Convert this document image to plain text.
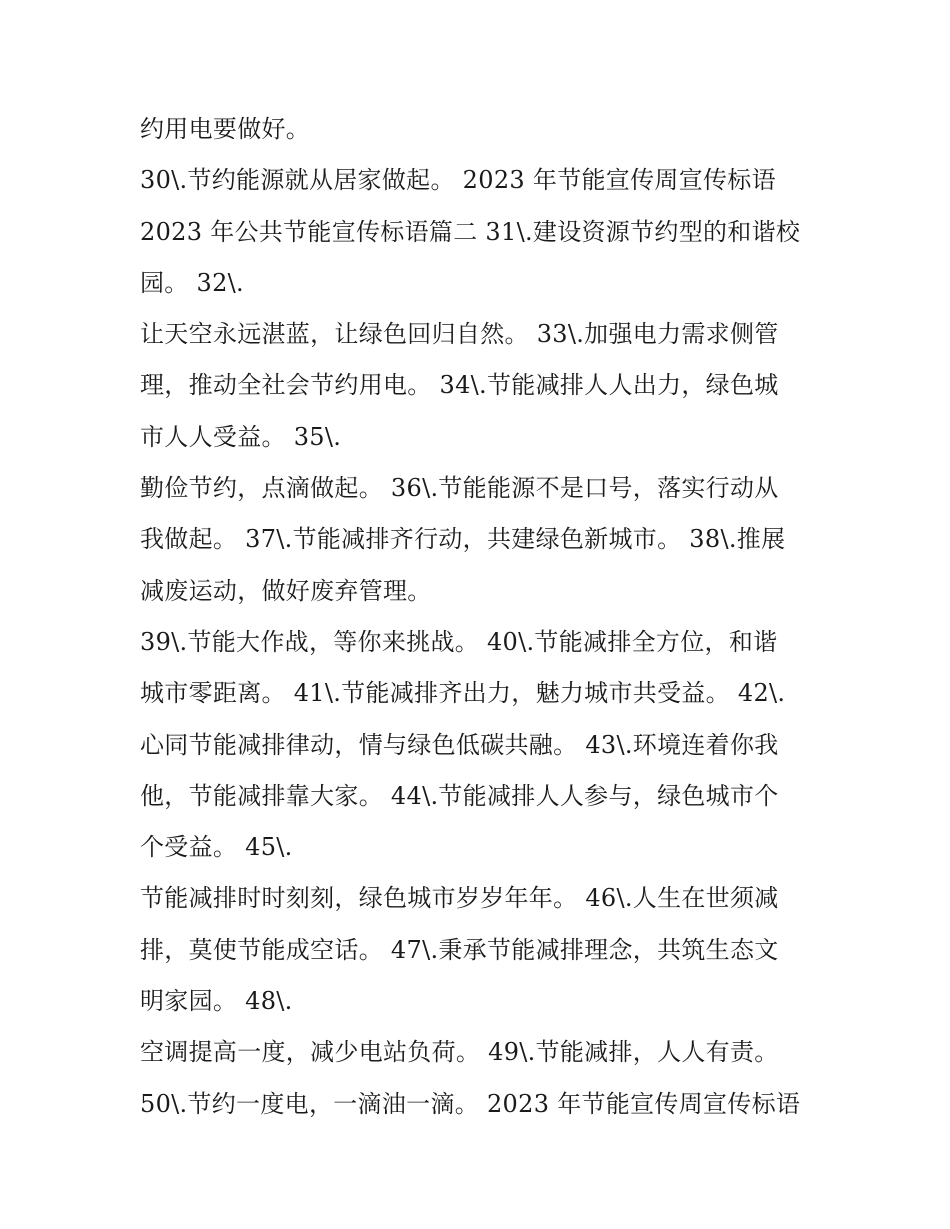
约用电要做好。
30\.节约能源就从居家做起。 2023 年节能宣传周宣传标语
2023 年公共节能宣传标语篇二 31\.建设资源节约型的和谐校
园。 32\.
让天空永远湛蓝，让绿色回归自然。 33\.加强电力需求侧管
理，推动全社会节约用电。 34\.节能减排人人出力，绿色城
市人人受益。 35\.
勤俭节约，点滴做起。 36\.节能能源不是口号，落实行动从
我做起。 37\.节能减排齐行动，共建绿色新城市。 38\.推展
减废运动，做好废弃管理。
39\.节能大作战，等你来挑战。 40\.节能减排全方位，和谐
城市零距离。 41\.节能减排齐出力，魅力城市共受益。 42\.
心同节能减排律动，情与绿色低碳共融。 43\.环境连着你我
他，节能减排靠大家。 44\.节能减排人人参与，绿色城市个
个受益。 45\.
节能减排时时刻刻，绿色城市岁岁年年。 46\.人生在世须减
排，莫使节能成空话。 47\.秉承节能减排理念，共筑生态文
明家园。 48\.
空调提高一度，减少电站负荷。 49\.节能减排，人人有责。
50\.节约一度电，一滴油一滴。 2023 年节能宣传周宣传标语
